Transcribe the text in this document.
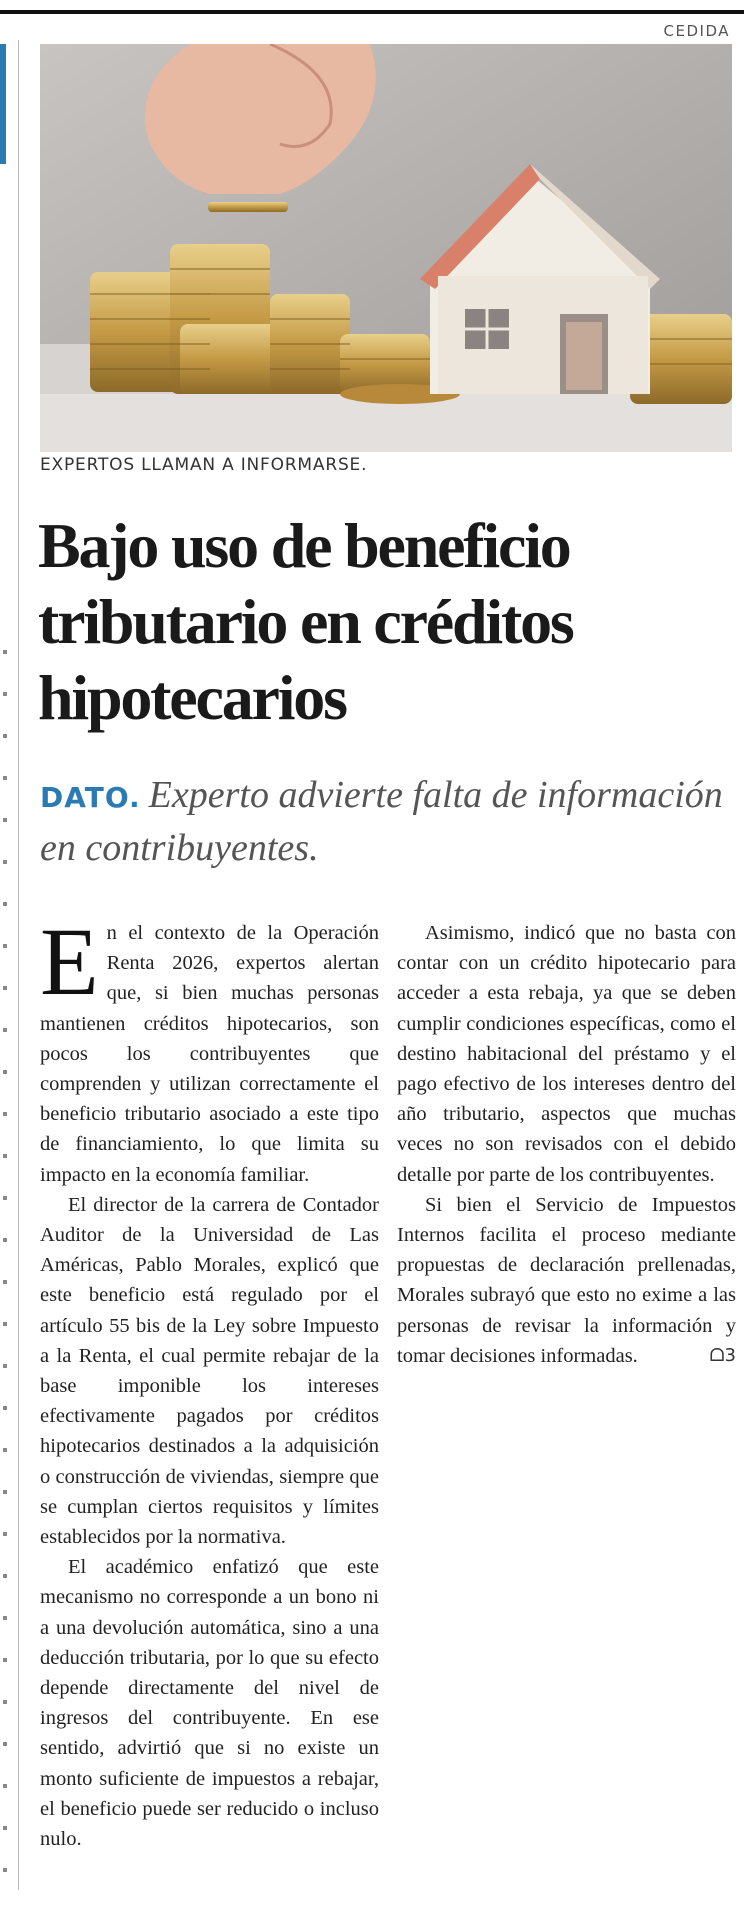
CEDIDA
EXPERTOS LLAMAN A INFORMARSE.
Bajo uso de beneficio tributario en créditos hipotecarios
DATO. Experto advierte falta de información en contribuyentes.

En el contexto de la Operación Renta 2026, expertos alertan que, si bien muchas personas mantienen créditos hipotecarios, son pocos los contribuyentes que comprenden y utilizan correctamente el beneficio tributario asociado a este tipo de financiamiento, lo que limita su impacto en la economía familiar.

El director de la carrera de Contador Auditor de la Universidad de Las Américas, Pablo Morales, explicó que este beneficio está regulado por el artículo 55 bis de la Ley sobre Impuesto a la Renta, el cual permite rebajar de la base imponible los intereses efectivamente pagados por créditos hipotecarios destinados a la adquisición o construcción de viviendas, siempre que se cumplan ciertos requisitos y límites establecidos por la normativa.

El académico enfatizó que este mecanismo no corresponde a un bono ni a una devolución automática, sino a una deducción tributaria, por lo que su efecto depende directamente del nivel de ingresos del contribuyente. En ese sentido, advirtió que si no existe un monto suficiente de impuestos a rebajar, el beneficio puede ser reducido o incluso nulo.

Asimismo, indicó que no basta con contar con un crédito hipotecario para acceder a esta rebaja, ya que se deben cumplir condiciones específicas, como el destino habitacional del préstamo y el pago efectivo de los intereses dentro del año tributario, aspectos que muchas veces no son revisados con el debido detalle por parte de los contribuyentes.

Si bien el Servicio de Impuestos Internos facilita el proceso mediante propuestas de declaración prellenadas, Morales subrayó que esto no exime a las personas de revisar la información y tomar decisiones informadas.	ᗝ3
